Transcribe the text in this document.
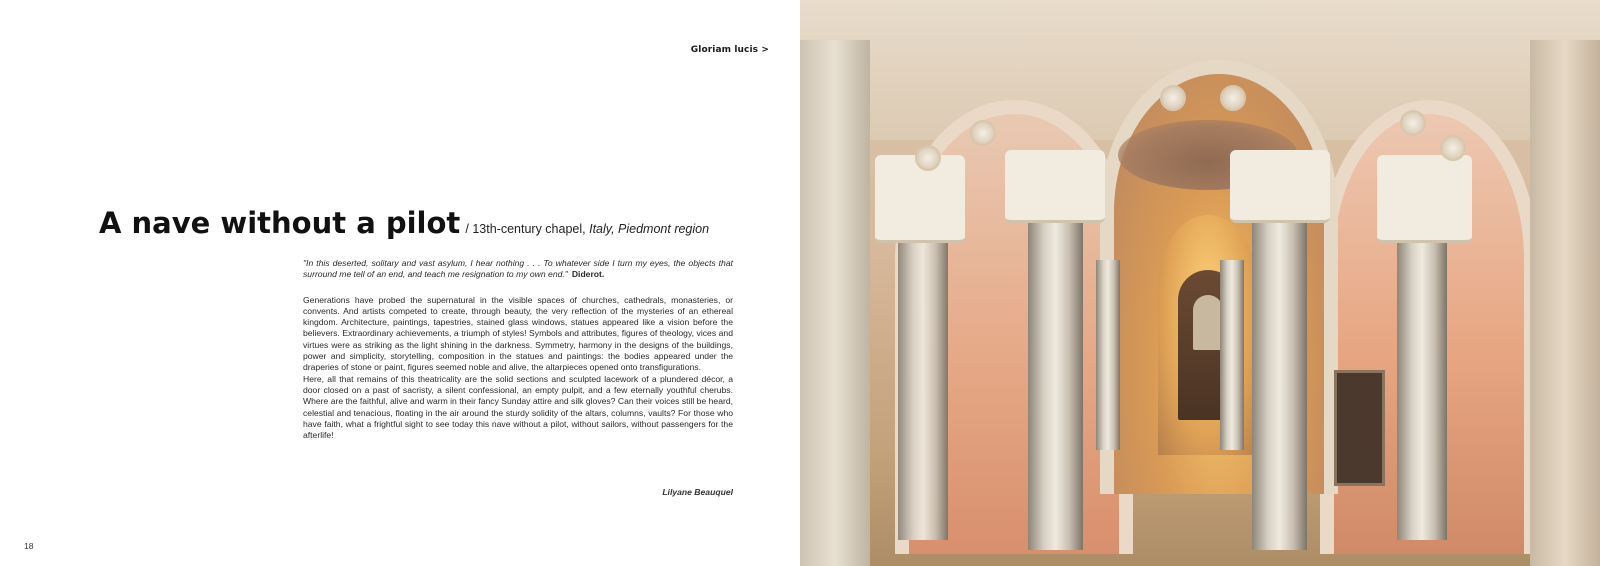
Gloriam lucis >
A nave without a pilot / 13th-century chapel, Italy, Piedmont region

"In this deserted, solitary and vast asylum, I hear nothing . . . To whatever side I turn my eyes, the objects that surround me tell of an end, and teach me resignation to my own end." Diderot.

Generations have probed the supernatural in the visible spaces of churches, cathedrals, monasteries, or convents. And artists competed to create, through beauty, the very reflection of the mysteries of an ethereal kingdom. Architecture, paintings, tapestries, stained glass windows, statues appeared like a vision before the believers. Extraordinary achievements, a triumph of styles! Symbols and attributes, figures of theology, vices and virtues were as striking as the light shining in the darkness. Symmetry, harmony in the designs of the buildings, power and simplicity, storytelling, composition in the statues and paintings: the bodies appeared under the draperies of stone or paint, figures seemed noble and alive, the altarpieces opened onto transfigurations.

Here, all that remains of this theatricality are the solid sections and sculpted lacework of a plundered décor, a door closed on a past of sacristy, a silent confessional, an empty pulpit, and a few eternally youthful cherubs. Where are the faithful, alive and warm in their fancy Sunday attire and silk gloves? Can their voices still be heard, celestial and tenacious, floating in the air around the sturdy solidity of the altars, columns, vaults? For those who have faith, what a frightful sight to see today this nave without a pilot, without sailors, without passengers for the afterlife!

Lilyane Beauquel
18
